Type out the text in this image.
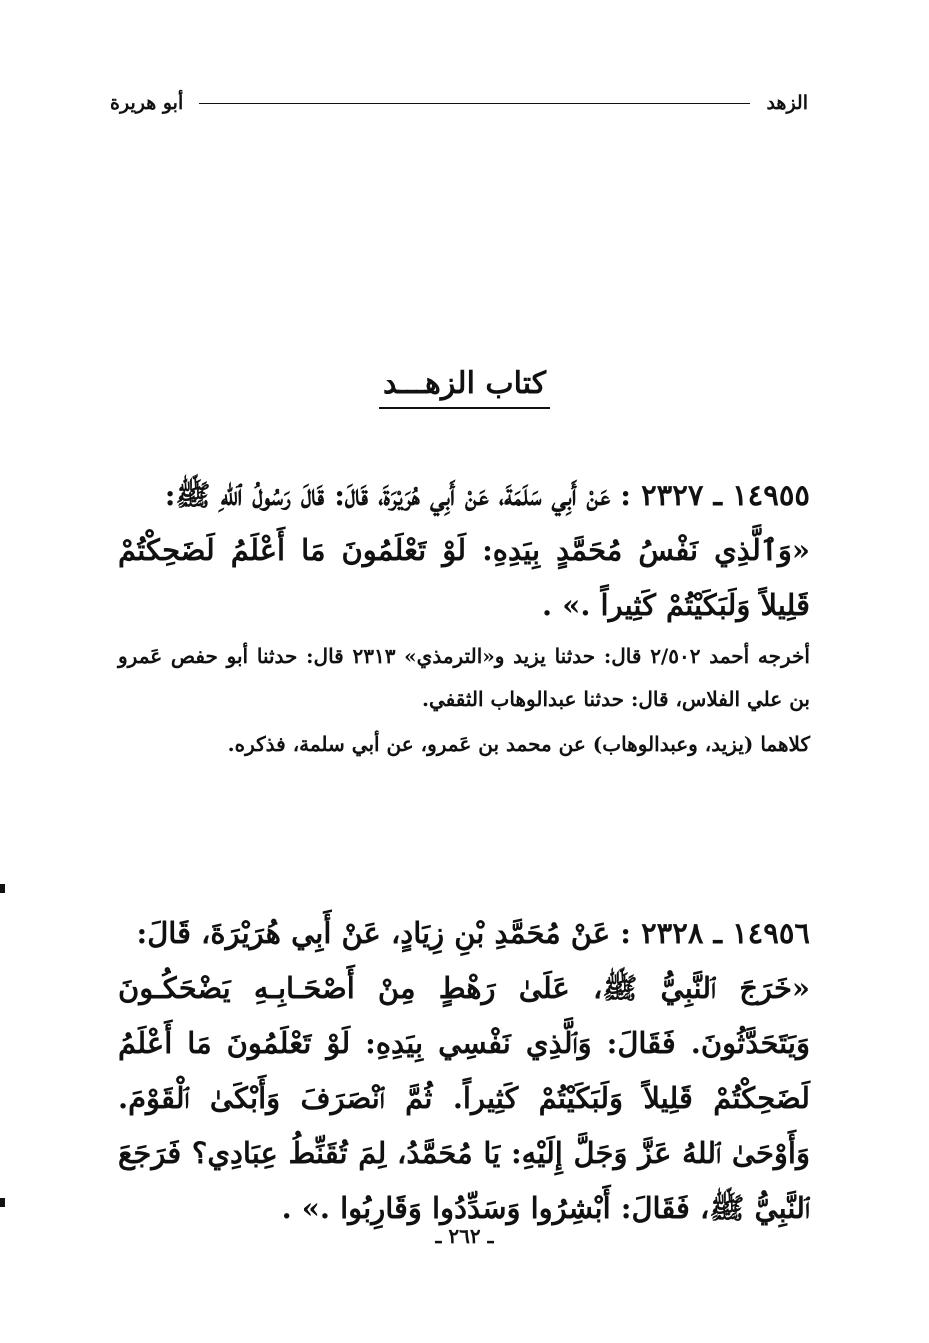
الزهد
أبو هريرة
كتاب الزهـــد

١٤٩٥٥ ـ ٢٣٢٧ : عَنْ أَبِي سَلَمَةَ، عَنْ أَبِي هُرَيْرَةَ، قَالَ: قَالَ رَسُولُ ٱللهِ ﷺ:

«وَٱلَّذِي نَفْسُ مُحَمَّدٍ بِيَدِهِ: لَوْ تَعْلَمُونَ مَا أَعْلَمُ لَضَحِكْتُمْ قَلِيلاً وَلَبَكَيْتُمْ كَثِيراً .» .

أخرجه أحمد ٢/٥٠٢ قال: حدثنا يزيد و«الترمذي» ٢٣١٣ قال: حدثنا أبو حفص عَمرو بن علي الفلاس، قال: حدثنا عبدالوهاب الثقفي.

كلاهما (يزيد، وعبدالوهاب) عن محمد بن عَمرو، عن أبي سلمة، فذكره.

١٤٩٥٦ ـ ٢٣٢٨ : عَنْ مُحَمَّدِ بْنِ زِيَادٍ، عَنْ أَبِي هُرَيْرَةَ، قَالَ:

«خَرَجَ ٱلنَّبِيُّ ﷺ، عَلَىٰ رَهْطٍ مِنْ أَصْحَـابِـهِ يَضْحَكُـونَ وَيَتَحَدَّثُونَ. فَقَالَ: وَٱلَّذِي نَفْسِي بِيَدِهِ: لَوْ تَعْلَمُونَ مَا أَعْلَمُ لَضَحِكْتُمْ قَلِيلاً وَلَبَكَيْتُمْ كَثِيراً. ثُمَّ ٱنْصَرَفَ وَأَبْكَىٰ ٱلْقَوْمَ. وَأَوْحَىٰ ٱللهُ عَزَّ وَجَلَّ إِلَيْهِ: يَا مُحَمَّدُ، لِمَ تُقَنِّطُ عِبَادِي؟ فَرَجَعَ ٱلنَّبِيُّ ﷺ، فَقَالَ: أَبْشِرُوا وَسَدِّدُوا وَقَارِبُوا .» .

ـ ٢٦٢ ـ
